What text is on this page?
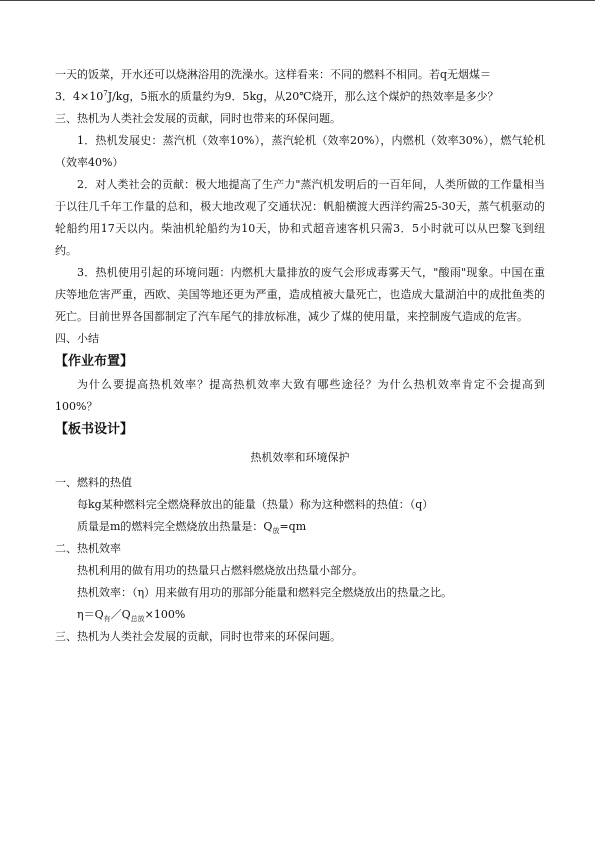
一天的饭菜，开水还可以烧淋浴用的洗澡水。这样看来：不同的燃料不相同。若q无烟煤＝

3．$4\times 10^7J/kg$，5瓶水的质量约为9．5kg，从20℃烧开，那么这个煤炉的热效率是多少？

三、热机为人类社会发展的贡献，同时也带来的环保问题。

1．热机发展史：蒸汽机（效率10%），蒸汽轮机（效率20%），内燃机（效率30%），燃气轮机（效率40%）

2．对人类社会的贡献：极大地提高了生产力"蒸汽机发明后的一百年间，人类所做的工作量相当于以往几千年工作量的总和，极大地改观了交通状况：帆船横渡大西洋约需25-30天，蒸气机驱动的轮船约用17天以内。柴油机轮船约为10天，协和式超音速客机只需3．5小时就可以从巴黎飞到纽约。

3．热机使用引起的环境问题：内燃机大量排放的废气会形成毒雾天气，"酸雨"现象。中国在重庆等地危害严重，西欧、美国等地还更为严重，造成植被大量死亡，也造成大量湖泊中的成批鱼类的死亡。目前世界各国都制定了汽车尾气的排放标准，减少了煤的使用量，来控制废气造成的危害。

四、小结

【作业布置】

为什么要提高热机效率？提高热机效率大致有哪些途径？为什么热机效率肯定不会提高到100%？

【板书设计】

热机效率和环境保护

一、燃料的热值

每kg某种燃料完全燃烧释放出的能量（热量）称为这种燃料的热值：（q）

质量是m的燃料完全燃烧放出热量是：$Q_放=qm$

二、热机效率

热机利用的做有用功的热量只占燃料燃烧放出热量小部分。

热机效率：（η）用来做有用功的那部分能量和燃料完全燃烧放出的热量之比。

$\eta=Q_有/Q_{总放}\times 100\%$

三、热机为人类社会发展的贡献，同时也带来的环保问题。
